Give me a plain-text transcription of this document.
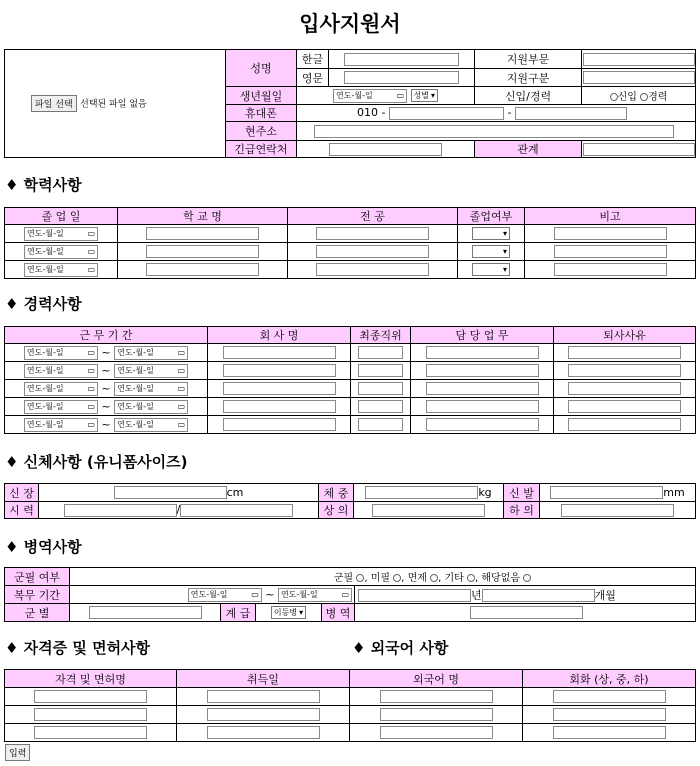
입사지원서
파일 선택 선택된 파일 없음	성명	한글		지원부문	
		영문		지원구분	
	생년월일	연도-월-일 ▭ 성별 ▾		신입/경력	신입 경력
	휴대폰	010 - -			
	현주소	
	긴급연락처			관계	
♦ 학력사항
졸 업 일	학 교 명	전 공	졸업여부	비고
연도-월-일 ▭			▾

연도-월-일 ▭			▾

연도-월-일 ▭			▾

♦ 경력사항
근 무 기 간	회 사 명	최종직위	담 당 업 무	퇴사사유
연도-월-일 ▭ ~ 연도-월-일 ▭

연도-월-일 ▭ ~ 연도-월-일 ▭

연도-월-일 ▭ ~ 연도-월-일 ▭

연도-월-일 ▭ ~ 연도-월-일 ▭

연도-월-일 ▭ ~ 연도-월-일 ▭

♦ 신체사항 (유니폼사이즈)
신 장	cm	체 중	kg	신 발	mm
시 력	/	상 의		하 의	
♦ 병역사항
군필 여부	군필 , 미필 , 면제 , 기타 , 해당없음				
복무 기간	연도-월-일 ▭ ~ 연도-월-일 ▭				년 개월
군 별		계 급	이등병 ▾	병 역	
♦ 자격증 및 면허사항
자격 및 면허명	취득일

♦ 외국어 사항
외국어 명	회화 (상, 중, 하)

입력
